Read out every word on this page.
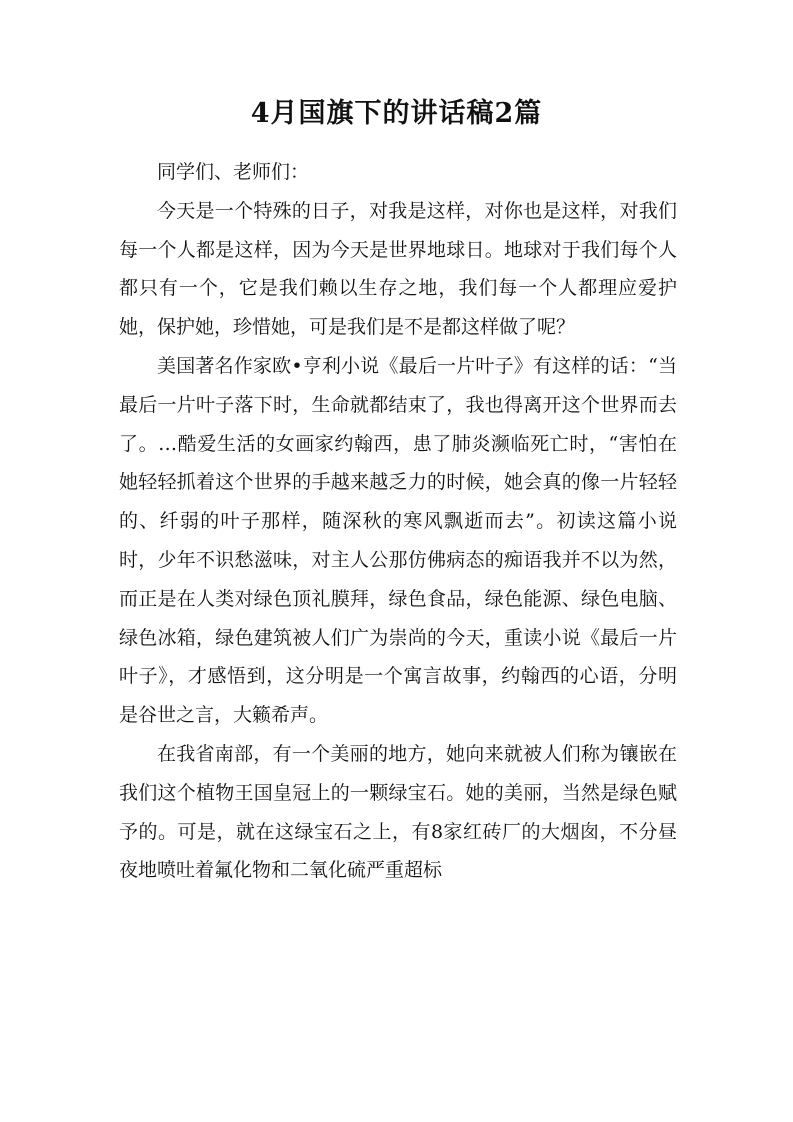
4月国旗下的讲话稿2篇

同学们、老师们：

今天是一个特殊的日子，对我是这样，对你也是这样，对我们每一个人都是这样，因为今天是世界地球日。地球对于我们每个人都只有一个，它是我们赖以生存之地，我们每一个人都理应爱护她，保护她，珍惜她，可是我们是不是都这样做了呢？

美国著名作家欧•亨利小说《最后一片叶子》有这样的话：“当最后一片叶子落下时，生命就都结束了，我也得离开这个世界而去了。…酷爱生活的女画家约翰西，患了肺炎濒临死亡时，“害怕在她轻轻抓着这个世界的手越来越乏力的时候，她会真的像一片轻轻的、纤弱的叶子那样，随深秋的寒风飘逝而去”。初读这篇小说时，少年不识愁滋味，对主人公那仿佛病态的痴语我并不以为然，而正是在人类对绿色顶礼膜拜，绿色食品，绿色能源、绿色电脑、绿色冰箱，绿色建筑被人们广为崇尚的今天，重读小说《最后一片叶子》，才感悟到，这分明是一个寓言故事，约翰西的心语，分明是谷世之言，大籁希声。

在我省南部，有一个美丽的地方，她向来就被人们称为镶嵌在我们这个植物王国皇冠上的一颗绿宝石。她的美丽，当然是绿色赋予的。可是，就在这绿宝石之上，有8家红砖厂的大烟囱，不分昼夜地喷吐着氟化物和二氧化硫严重超标
